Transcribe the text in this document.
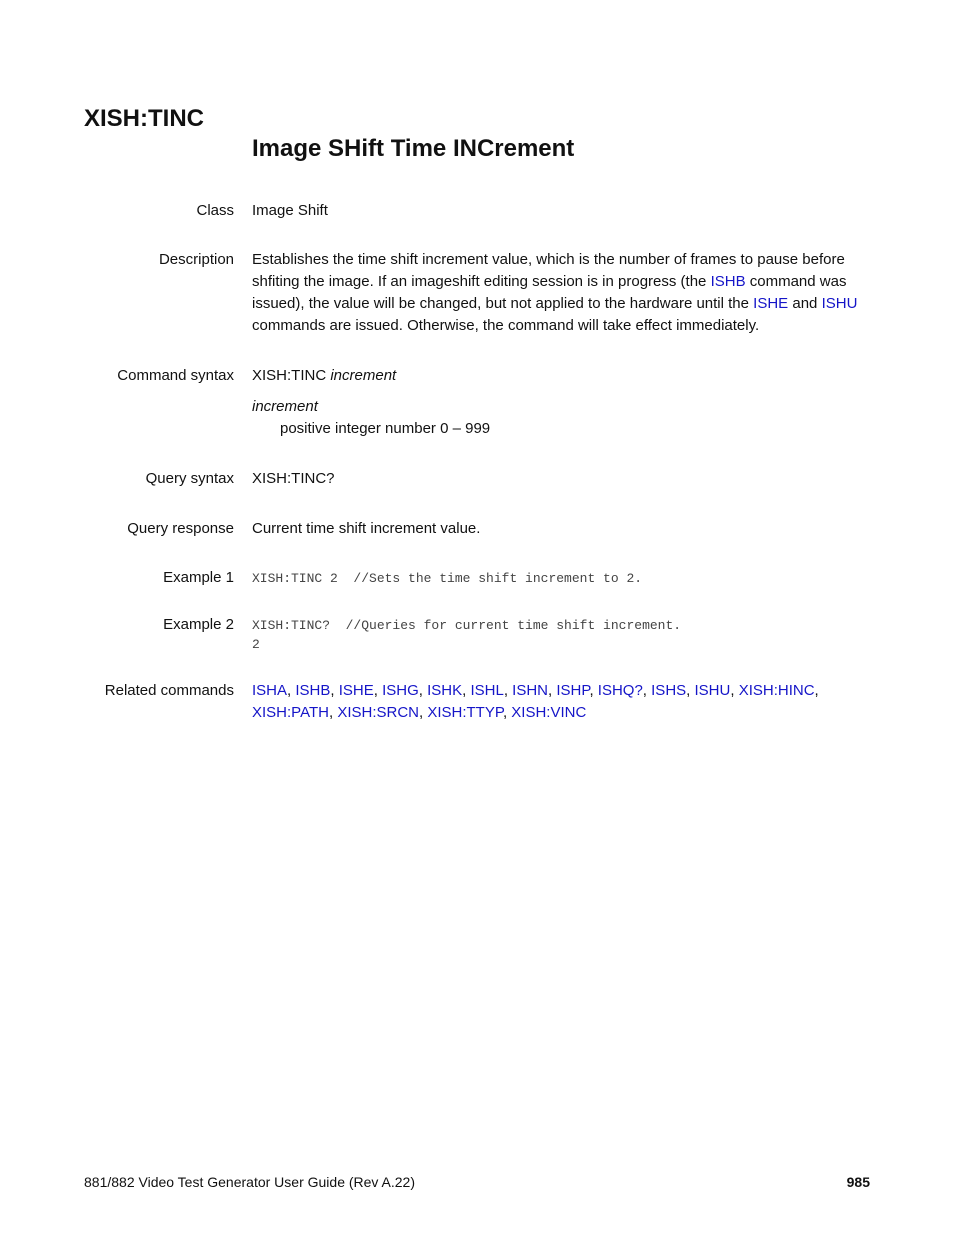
XISH:TINC
Image SHift Time INCrement
Class Image Shift
Description Establishes the time shift increment value, which is the number of frames to pause before shfiting the image. If an imageshift editing session is in progress (the ISHB command was issued), the value will be changed, but not applied to the hardware until the ISHE and ISHU commands are issued. Otherwise, the command will take effect immediately.
Command syntax XISH:TINC increment
increment
positive integer number 0 – 999
Query syntax XISH:TINC?
Query response Current time shift increment value.
Example 1 XISH:TINC 2  //Sets the time shift increment to 2.
Example 2 XISH:TINC?  //Queries for current time shift increment.
2
Related commands ISHA, ISHB, ISHE, ISHG, ISHK, ISHL, ISHN, ISHP, ISHQ?, ISHS, ISHU, XISH:HINC, XISH:PATH, XISH:SRCN, XISH:TTYP, XISH:VINC
881/882 Video Test Generator User Guide (Rev A.22)	985
